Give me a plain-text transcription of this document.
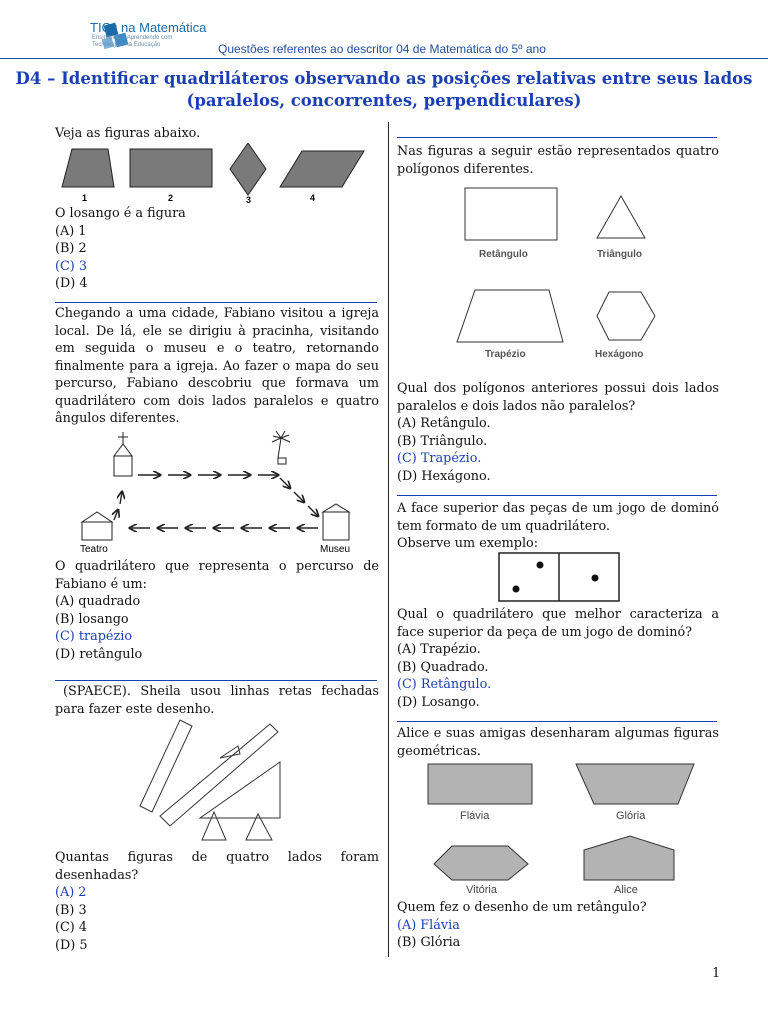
TICs na Matemática
Ensinando e Aprendendo com Tecnologias na Educação	Questões referentes ao descritor 04 de Matemática do 5º ano
D4 – Identificar quadriláteros observando as posições relativas entre seus lados
(paralelos, concorrentes, perpendiculares)
Veja as figuras abaixo.
1	2	3	4
O losango é a figura
(A) 1
(B) 2
(C) 3
(D) 4
Chegando a uma cidade, Fabiano visitou a igreja local. De lá, ele se dirigiu à pracinha, visitando em seguida o museu e o teatro, retornando finalmente para a igreja. Ao fazer o mapa do seu percurso, Fabiano descobriu que formava um quadrilátero com dois lados paralelos e quatro ângulos diferentes.
Teatro	Museu
O quadrilátero que representa o percurso de Fabiano é um:
(A) quadrado
(B) losango
(C) trapézio
(D) retângulo
(SPAECE). Sheila usou linhas retas fechadas para fazer este desenho.
Quantas figuras de quatro lados foram desenhadas?
(A) 2
(B) 3
(C) 4
(D) 5
Nas figuras a seguir estão representados quatro polígonos diferentes.
Retângulo	Triângulo
Trapézio	Hexágono
Qual dos polígonos anteriores possui dois lados paralelos e dois lados não paralelos?
(A) Retângulo.
(B) Triângulo.
(C) Trapézio.
(D) Hexágono.
A face superior das peças de um jogo de dominó tem formato de um quadrilátero.
Observe um exemplo:
Qual o quadrilátero que melhor caracteriza a face superior da peça de um jogo de dominó?
(A) Trapézio.
(B) Quadrado.
(C) Retângulo.
(D) Losango.
Alice e suas amigas desenharam algumas figuras geométricas.
Flávia	Glória
Vitória	Alice
Quem fez o desenho de um retângulo?
(A) Flávia
(B) Glória
1
